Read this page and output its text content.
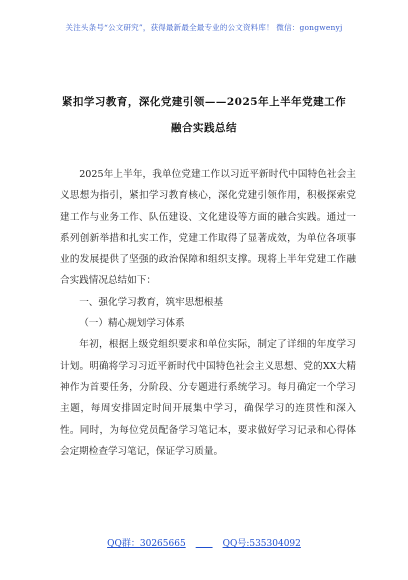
关注头条号“公文研究”，获得最新最全最专业的公文资料库！ 微信：gongwenyj
紧扣学习教育，深化党建引领——2025年上半年党建工作
融合实践总结

2025年上半年，我单位党建工作以习近平新时代中国特色社会主义思想为指引，紧扣学习教育核心，深化党建引领作用，积极探索党建工作与业务工作、队伍建设、文化建设等方面的融合实践。通过一系列创新举措和扎实工作，党建工作取得了显著成效，为单位各项事业的发展提供了坚强的政治保障和组织支撑。现将上半年党建工作融合实践情况总结如下：

一、强化学习教育，筑牢思想根基

（一）精心规划学习体系

年初，根据上级党组织要求和单位实际，制定了详细的年度学习计划。明确将学习习近平新时代中国特色社会主义思想、党的XX大精神作为首要任务，分阶段、分专题进行系统学习。每月确定一个学习主题，每周安排固定时间开展集中学习，确保学习的连贯性和深入性。同时，为每位党员配备学习笔记本，要求做好学习记录和心得体会定期检查学习笔记，保证学习质量。

QQ群：30265665	QQ号:535304092
